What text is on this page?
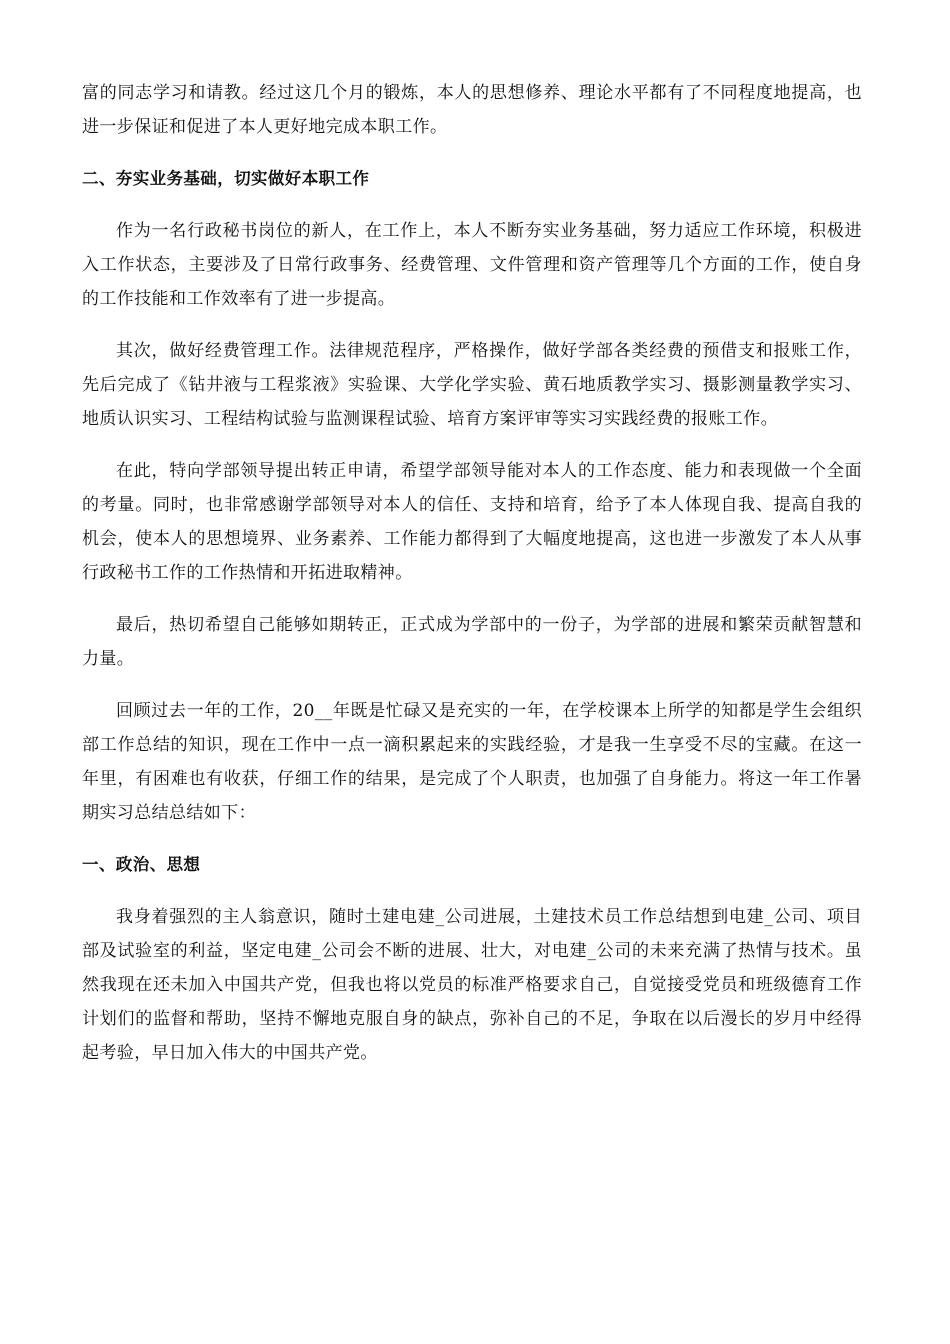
富的同志学习和请教。经过这几个月的锻炼，本人的思想修养、理论水平都有了不同程度地提高，也进一步保证和促进了本人更好地完成本职工作。

二、夯实业务基础，切实做好本职工作

作为一名行政秘书岗位的新人，在工作上，本人不断夯实业务基础，努力适应工作环境，积极进入工作状态，主要涉及了日常行政事务、经费管理、文件管理和资产管理等几个方面的工作，使自身的工作技能和工作效率有了进一步提高。

其次，做好经费管理工作。法律规范程序，严格操作，做好学部各类经费的预借支和报账工作，先后完成了《钻井液与工程浆液》实验课、大学化学实验、黄石地质教学实习、摄影测量教学实习、地质认识实习、工程结构试验与监测课程试验、培育方案评审等实习实践经费的报账工作。

在此，特向学部领导提出转正申请，希望学部领导能对本人的工作态度、能力和表现做一个全面的考量。同时，也非常感谢学部领导对本人的信任、支持和培育，给予了本人体现自我、提高自我的机会，使本人的思想境界、业务素养、工作能力都得到了大幅度地提高，这也进一步激发了本人从事行政秘书工作的工作热情和开拓进取精神。

最后，热切希望自己能够如期转正，正式成为学部中的一份子，为学部的进展和繁荣贡献智慧和力量。

回顾过去一年的工作，20__年既是忙碌又是充实的一年，在学校课本上所学的知都是学生会组织部工作总结的知识，现在工作中一点一滴积累起来的实践经验，才是我一生享受不尽的宝藏。在这一年里，有困难也有收获，仔细工作的结果，是完成了个人职责，也加强了自身能力。将这一年工作暑期实习总结总结如下：

一、政治、思想

我身着强烈的主人翁意识，随时土建电建_公司进展，土建技术员工作总结想到电建_公司、项目部及试验室的利益，坚定电建_公司会不断的进展、壮大，对电建_公司的未来充满了热情与技术。虽然我现在还未加入中国共产党，但我也将以党员的标准严格要求自己，自觉接受党员和班级德育工作计划们的监督和帮助，坚持不懈地克服自身的缺点，弥补自己的不足，争取在以后漫长的岁月中经得起考验，早日加入伟大的中国共产党。
